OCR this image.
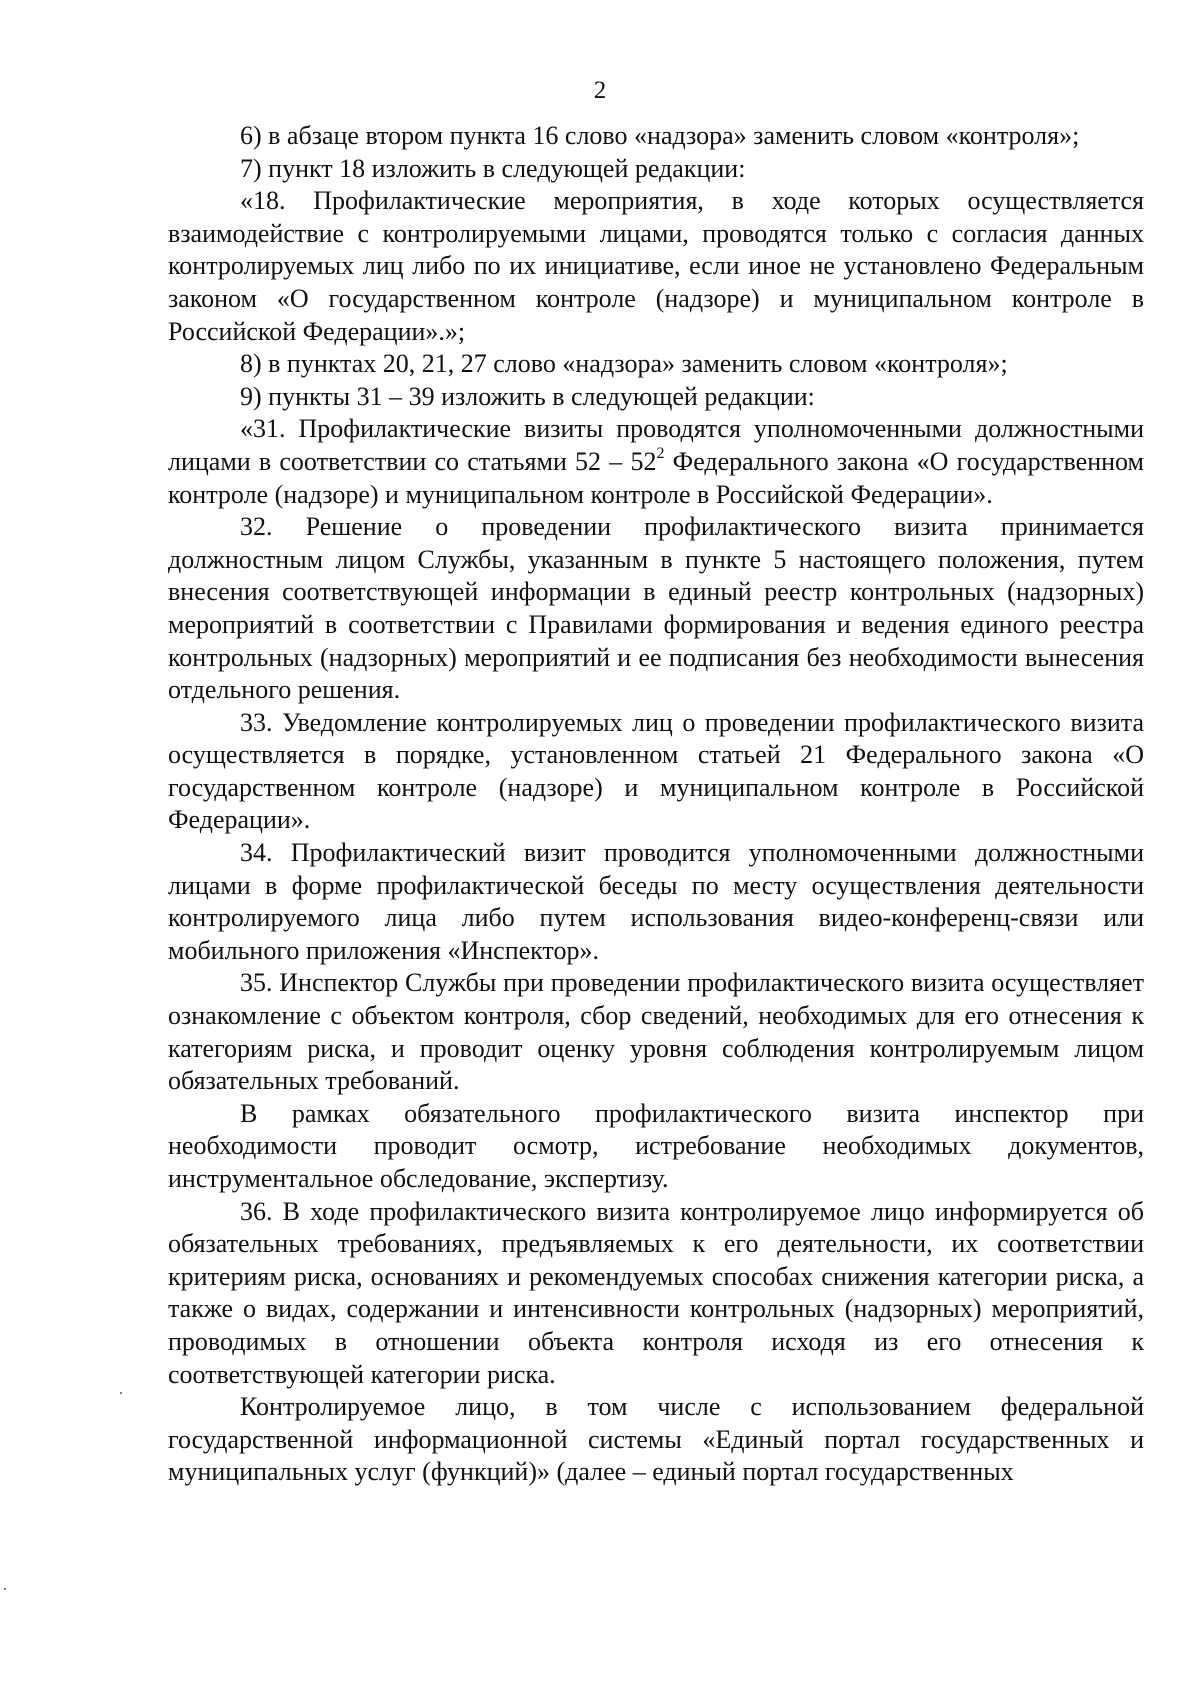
2

6) в абзаце втором пункта 16 слово «надзора» заменить словом «контроля»;

7) пункт 18 изложить в следующей редакции:

«18. Профилактические мероприятия, в ходе которых осуществляется взаимодействие с контролируемыми лицами, проводятся только с согласия данных контролируемых лиц либо по их инициативе, если иное не установлено Федеральным законом «О государственном контроле (надзоре) и муниципальном контроле в Российской Федерации».»;

8) в пунктах 20, 21, 27 слово «надзора» заменить словом «контроля»;

9) пункты 31 – 39 изложить в следующей редакции:

«31. Профилактические визиты проводятся уполномоченными должностными лицами в соответствии со статьями $52 - 52^2$ Федерального закона «О государственном контроле (надзоре) и муниципальном контроле в Российской Федерации».

32. Решение о проведении профилактического визита принимается должностным лицом Службы, указанным в пункте 5 настоящего положения, путем внесения соответствующей информации в единый реестр контрольных (надзорных) мероприятий в соответствии с Правилами формирования и ведения единого реестра контрольных (надзорных) мероприятий и ее подписания без необходимости вынесения отдельного решения.

33. Уведомление контролируемых лиц о проведении профилактического визита осуществляется в порядке, установленном статьей 21 Федерального закона «О государственном контроле (надзоре) и муниципальном контроле в Российской Федерации».

34. Профилактический визит проводится уполномоченными должностными лицами в форме профилактической беседы по месту осуществления деятельности контролируемого лица либо путем использования видео-конференц-связи или мобильного приложения «Инспектор».

35. Инспектор Службы при проведении профилактического визита осуществляет ознакомление с объектом контроля, сбор сведений, необходимых для его отнесения к категориям риска, и проводит оценку уровня соблюдения контролируемым лицом обязательных требований.

В рамках обязательного профилактического визита инспектор при необходимости проводит осмотр, истребование необходимых документов, инструментальное обследование, экспертизу.

36. В ходе профилактического визита контролируемое лицо информируется об обязательных требованиях, предъявляемых к его деятельности, их соответствии критериям риска, основаниях и рекомендуемых способах снижения категории риска, а также о видах, содержании и интенсивности контрольных (надзорных) мероприятий, проводимых в отношении объекта контроля исходя из его отнесения к соответствующей категории риска.

Контролируемое лицо, в том числе с использованием федеральной государственной информационной системы «Единый портал государственных и муниципальных услуг (функций)» (далее – единый портал государственных
